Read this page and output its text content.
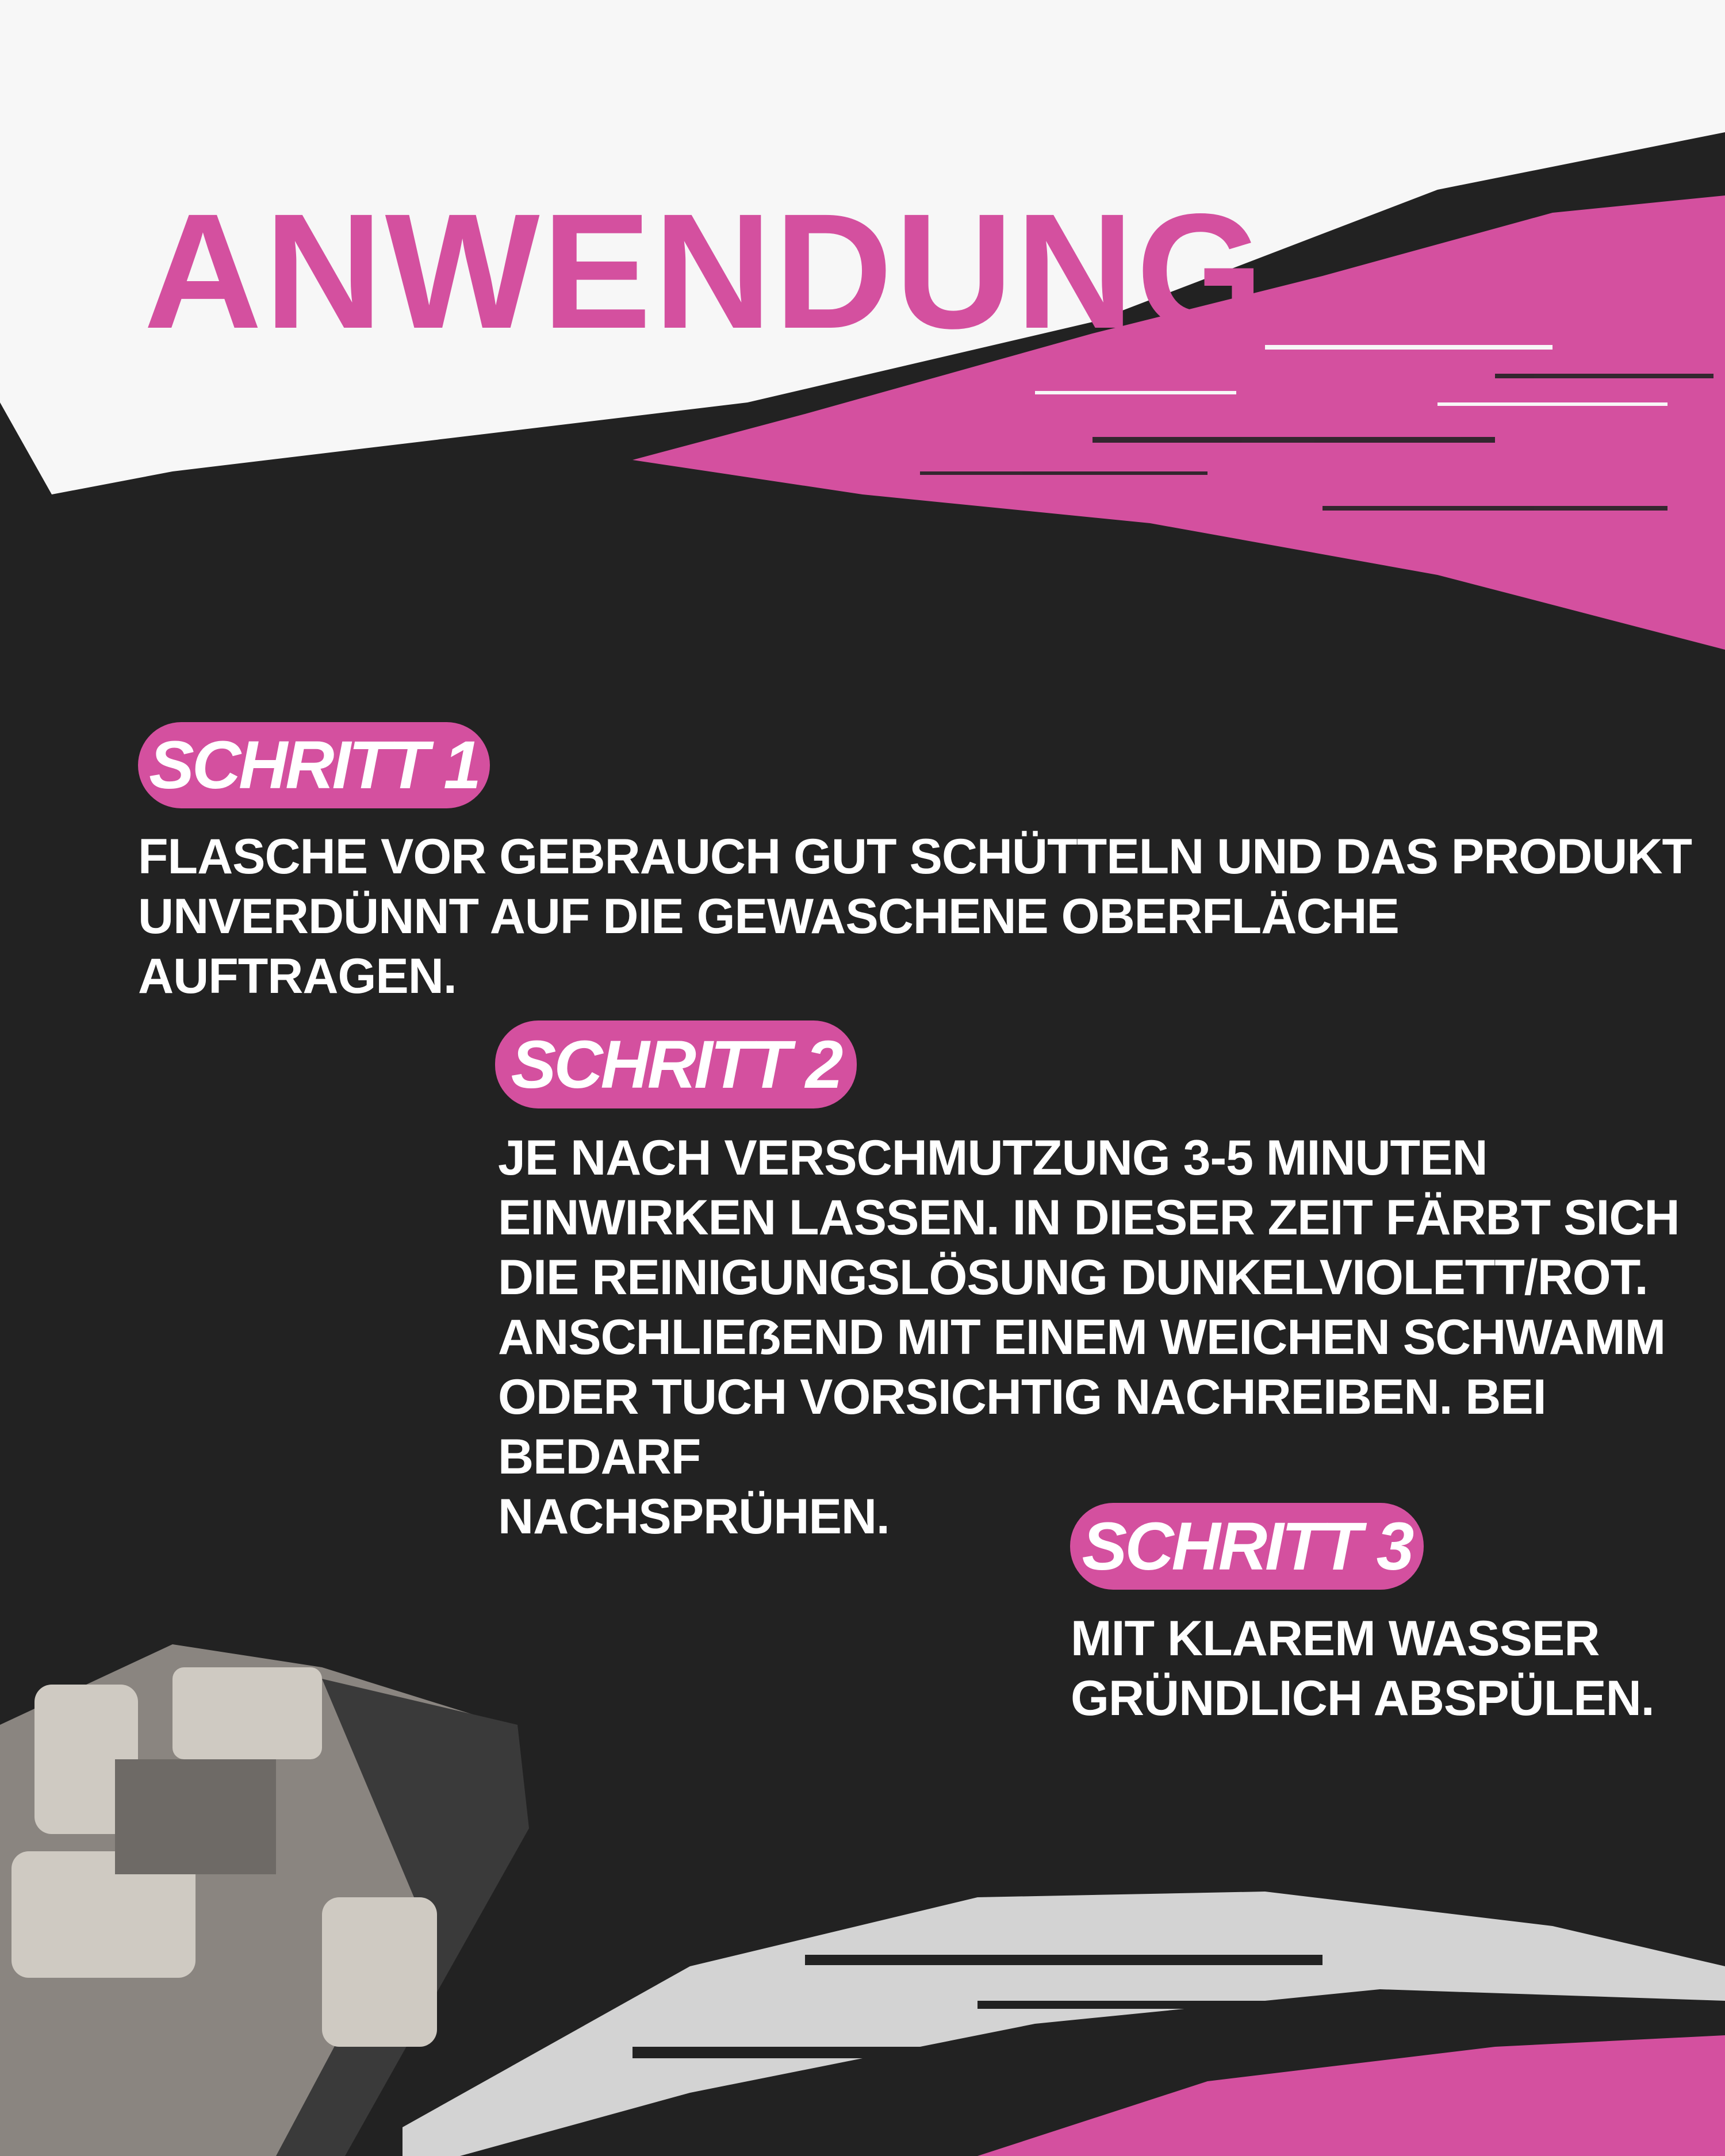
ANWENDUNG
SCHRITT 1
FLASCHE VOR GEBRAUCH GUT SCHÜTTELN UND DAS PRODUKT
UNVERDÜNNT AUF DIE GEWASCHENE OBERFLÄCHE AUFTRAGEN.
SCHRITT 2
JE NACH VERSCHMUTZUNG 3-5 MINUTEN
EINWIRKEN LASSEN. IN DIESER ZEIT FÄRBT SICH
DIE REINIGUNGSLÖSUNG DUNKELVIOLETT/ROT.
ANSCHLIEẞEND MIT EINEM WEICHEN SCHWAMM
ODER TUCH VORSICHTIG NACHREIBEN. BEI BEDARF
NACHSPRÜHEN.	SCHRITT 3
MIT KLAREM WASSER
GRÜNDLICH ABSPÜLEN.
